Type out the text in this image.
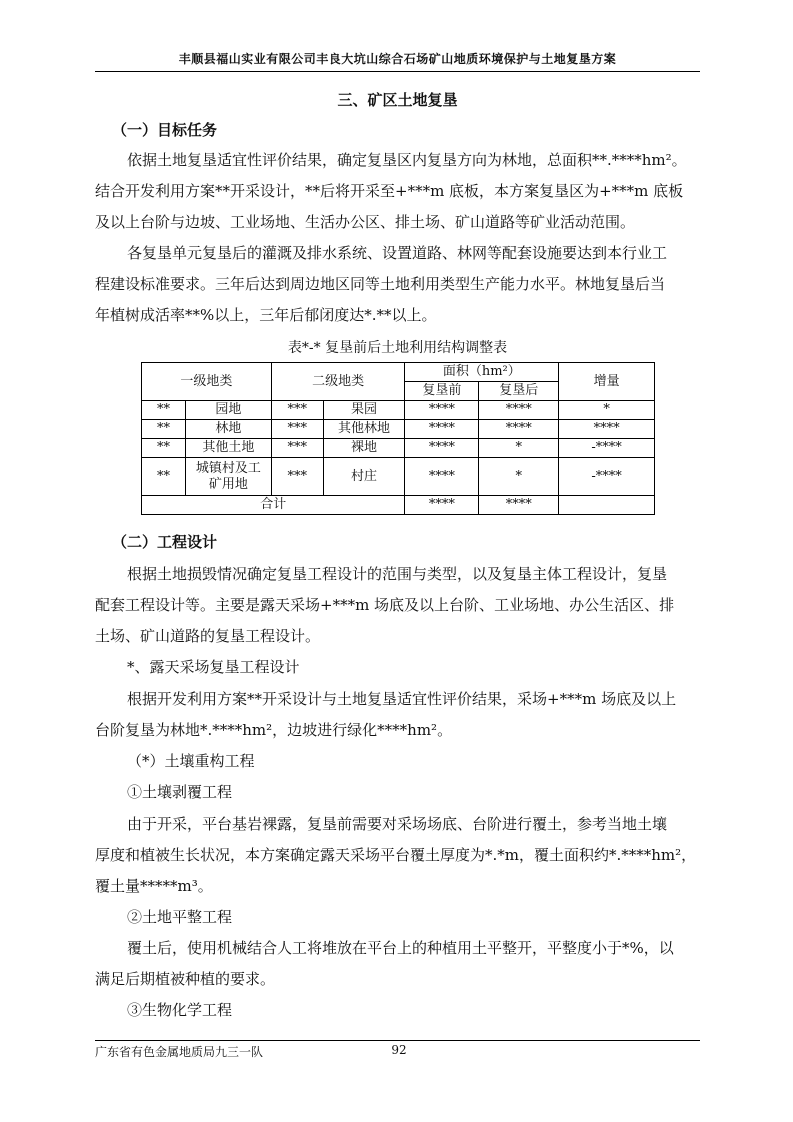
丰顺县福山实业有限公司丰良大坑山综合石场矿山地质环境保护与土地复垦方案
三、矿区土地复垦
（一）目标任务
依据土地复垦适宜性评价结果，确定复垦区内复垦方向为林地，总面积**.****hm²。
结合开发利用方案**开采设计，**后将开采至+***m 底板，本方案复垦区为+***m 底板
及以上台阶与边坡、工业场地、生活办公区、排土场、矿山道路等矿业活动范围。
各复垦单元复垦后的灌溉及排水系统、设置道路、林网等配套设施要达到本行业工
程建设标准要求。三年后达到周边地区同等土地利用类型生产能力水平。林地复垦后当
年植树成活率**%以上，三年后郁闭度达*.**以上。
表*-* 复垦前后土地利用结构调整表
一级地类		二级地类		面积（hm²）		增量
				复垦前	复垦后	
**	园地	***	果园	****	****	*
**	林地	***	其他林地	****	****	****
**	其他土地	***	裸地	****	*	-****
**	城镇村及工矿用地	***	村庄	****	*	-****
合计				****	****	
（二）工程设计
根据土地损毁情况确定复垦工程设计的范围与类型，以及复垦主体工程设计，复垦
配套工程设计等。主要是露天采场+***m 场底及以上台阶、工业场地、办公生活区、排
土场、矿山道路的复垦工程设计。
*、露天采场复垦工程设计
根据开发利用方案**开采设计与土地复垦适宜性评价结果，采场+***m 场底及以上
台阶复垦为林地*.****hm²，边坡进行绿化****hm²。
（*）土壤重构工程
①土壤剥覆工程
由于开采，平台基岩裸露，复垦前需要对采场场底、台阶进行覆土，参考当地土壤
厚度和植被生长状况，本方案确定露天采场平台覆土厚度为*.*m，覆土面积约*.****hm²，
覆土量*****m³。
②土地平整工程
覆土后，使用机械结合人工将堆放在平台上的种植用土平整开，平整度小于*%，以
满足后期植被种植的要求。
③生物化学工程
广东省有色金属地质局九三一队	92
